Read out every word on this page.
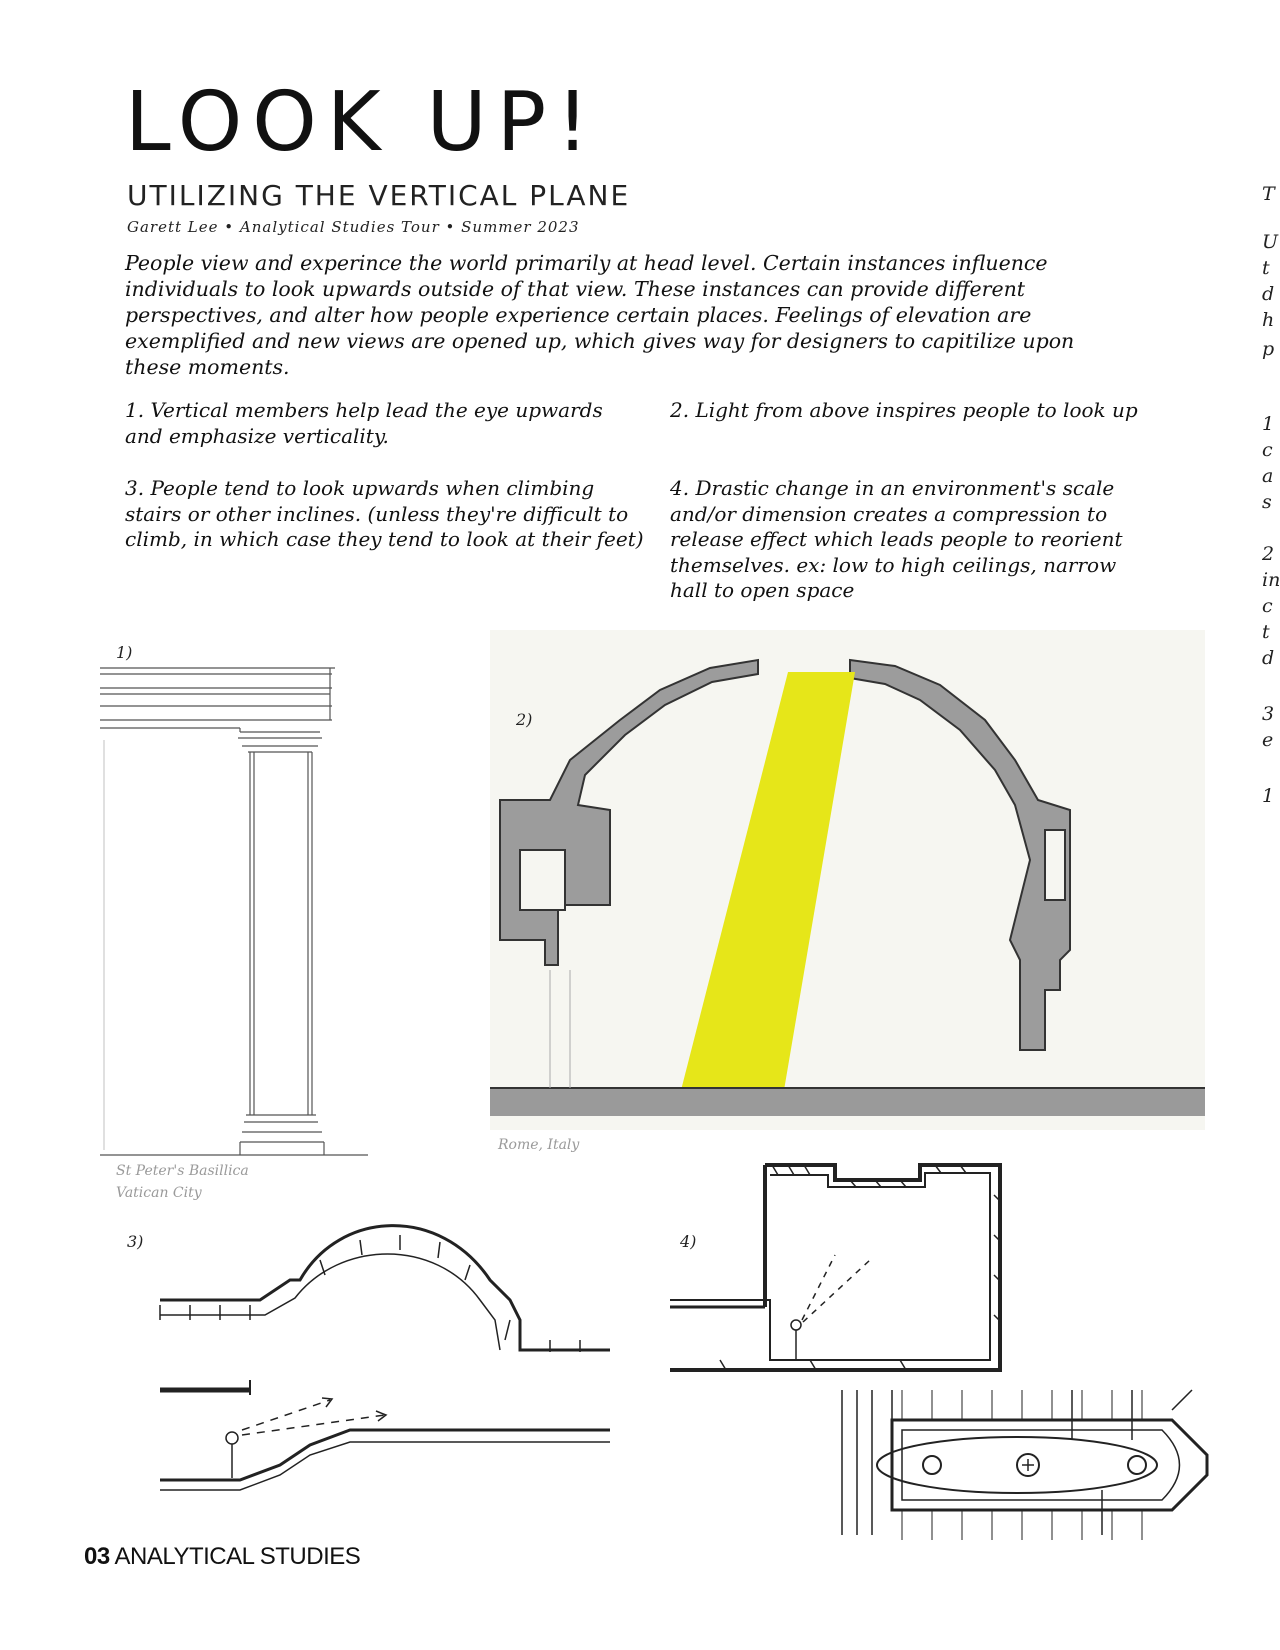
LOOK UP!
UTILIZING THE VERTICAL PLANE
Garett Lee • Analytical Studies Tour • Summer 2023

People view and experince the world primarily at head level. Certain instances influence individuals to look upwards outside of that view. These instances can provide different perspectives, and alter how people experience certain places. Feelings of elevation are exemplified and new views are opened up, which gives way for designers to capitilize upon these moments.

1. Vertical members help lead the eye upwards and emphasize verticality.

2. Light from above inspires people to look up

3. People tend to look upwards when climbing stairs or other inclines. (unless they're difficult to climb, in which case they tend to look at their feet)

4. Drastic change in an environment's scale and/or dimension creates a compression to release effect which leads people to reorient themselves. ex: low to high ceilings, narrow hall to open space

1)
St Peter's Basillica
Vatican City
2)
Rome, Italy
3)	4)
T
U
t
d
h
p
1
c
a
s
2
in
c
t
d
3
e
1
03 ANALYTICAL STUDIES
